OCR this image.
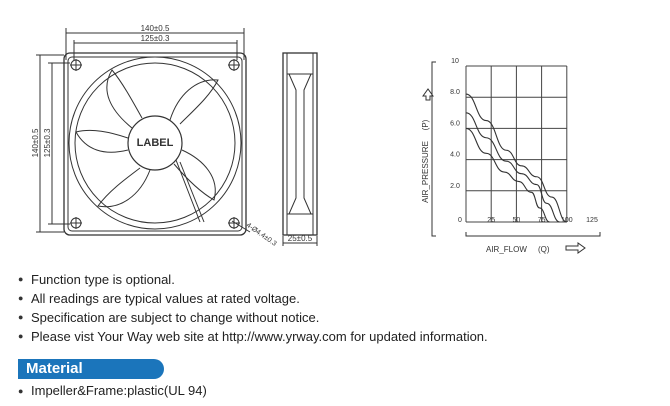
140±0.5
125±0.3
140±0.5 125±0.3	LABEL
4-Ø4.4±0.3 25±0.5
0	25 50 75 100 125
2.0
4.0
6.0
8.0
10
AIR_PRESSURE
(P)
AIR_FLOW (Q)
● Function type is optional.
● All readings are typical values at rated voltage.
● Specification are subject to change without notice.
● Please vist Your Way web site at http://www.yrway.com for updated information.
Material
● Impeller&Frame:plastic(UL 94)
